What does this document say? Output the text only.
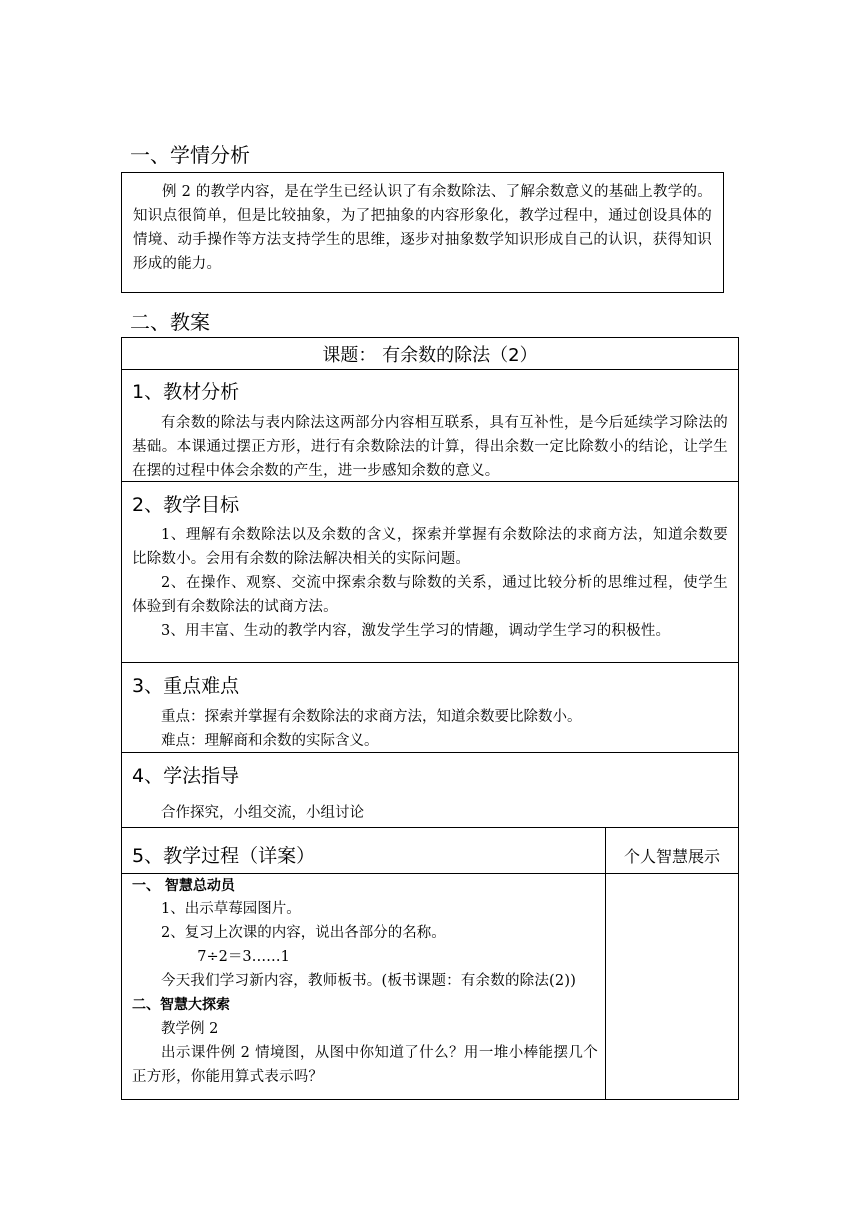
一、学情分析

例 2 的教学内容，是在学生已经认识了有余数除法、了解余数意义的基础上教学的。知识点很简单，但是比较抽象，为了把抽象的内容形象化，教学过程中，通过创设具体的情境、动手操作等方法支持学生的思维，逐步对抽象数学知识形成自己的认识，获得知识形成的能力。

二、教案
课题： 有余数的除法（2）

1、教材分析

有余数的除法与表内除法这两部分内容相互联系，具有互补性，是今后延续学习除法的基础。本课通过摆正方形，进行有余数除法的计算，得出余数一定比除数小的结论，让学生在摆的过程中体会余数的产生，进一步感知余数的意义。

2、教学目标

1、理解有余数除法以及余数的含义，探索并掌握有余数除法的求商方法，知道余数要比除数小。会用有余数的除法解决相关的实际问题。

2、在操作、观察、交流中探索余数与除数的关系，通过比较分析的思维过程，使学生体验到有余数除法的试商方法。

3、用丰富、生动的教学内容，激发学生学习的情趣，调动学生学习的积极性。

3、重点难点

重点：探索并掌握有余数除法的求商方法，知道余数要比除数小。

难点：理解商和余数的实际含义。

4、学法指导

合作探究，小组交流，小组讨论

5、教学过程（详案）	个人智慧展示

一、 智慧总动员

1、出示草莓园图片。

2、复习上次课的内容，说出各部分的名称。

7÷2＝3……1

今天我们学习新内容，教师板书。(板书课题：有余数的除法(2))

二、智慧大探索

教学例 2

出示课件例 2 情境图，从图中你知道了什么？用一堆小棒能摆几个正方形，你能用算式表示吗？
